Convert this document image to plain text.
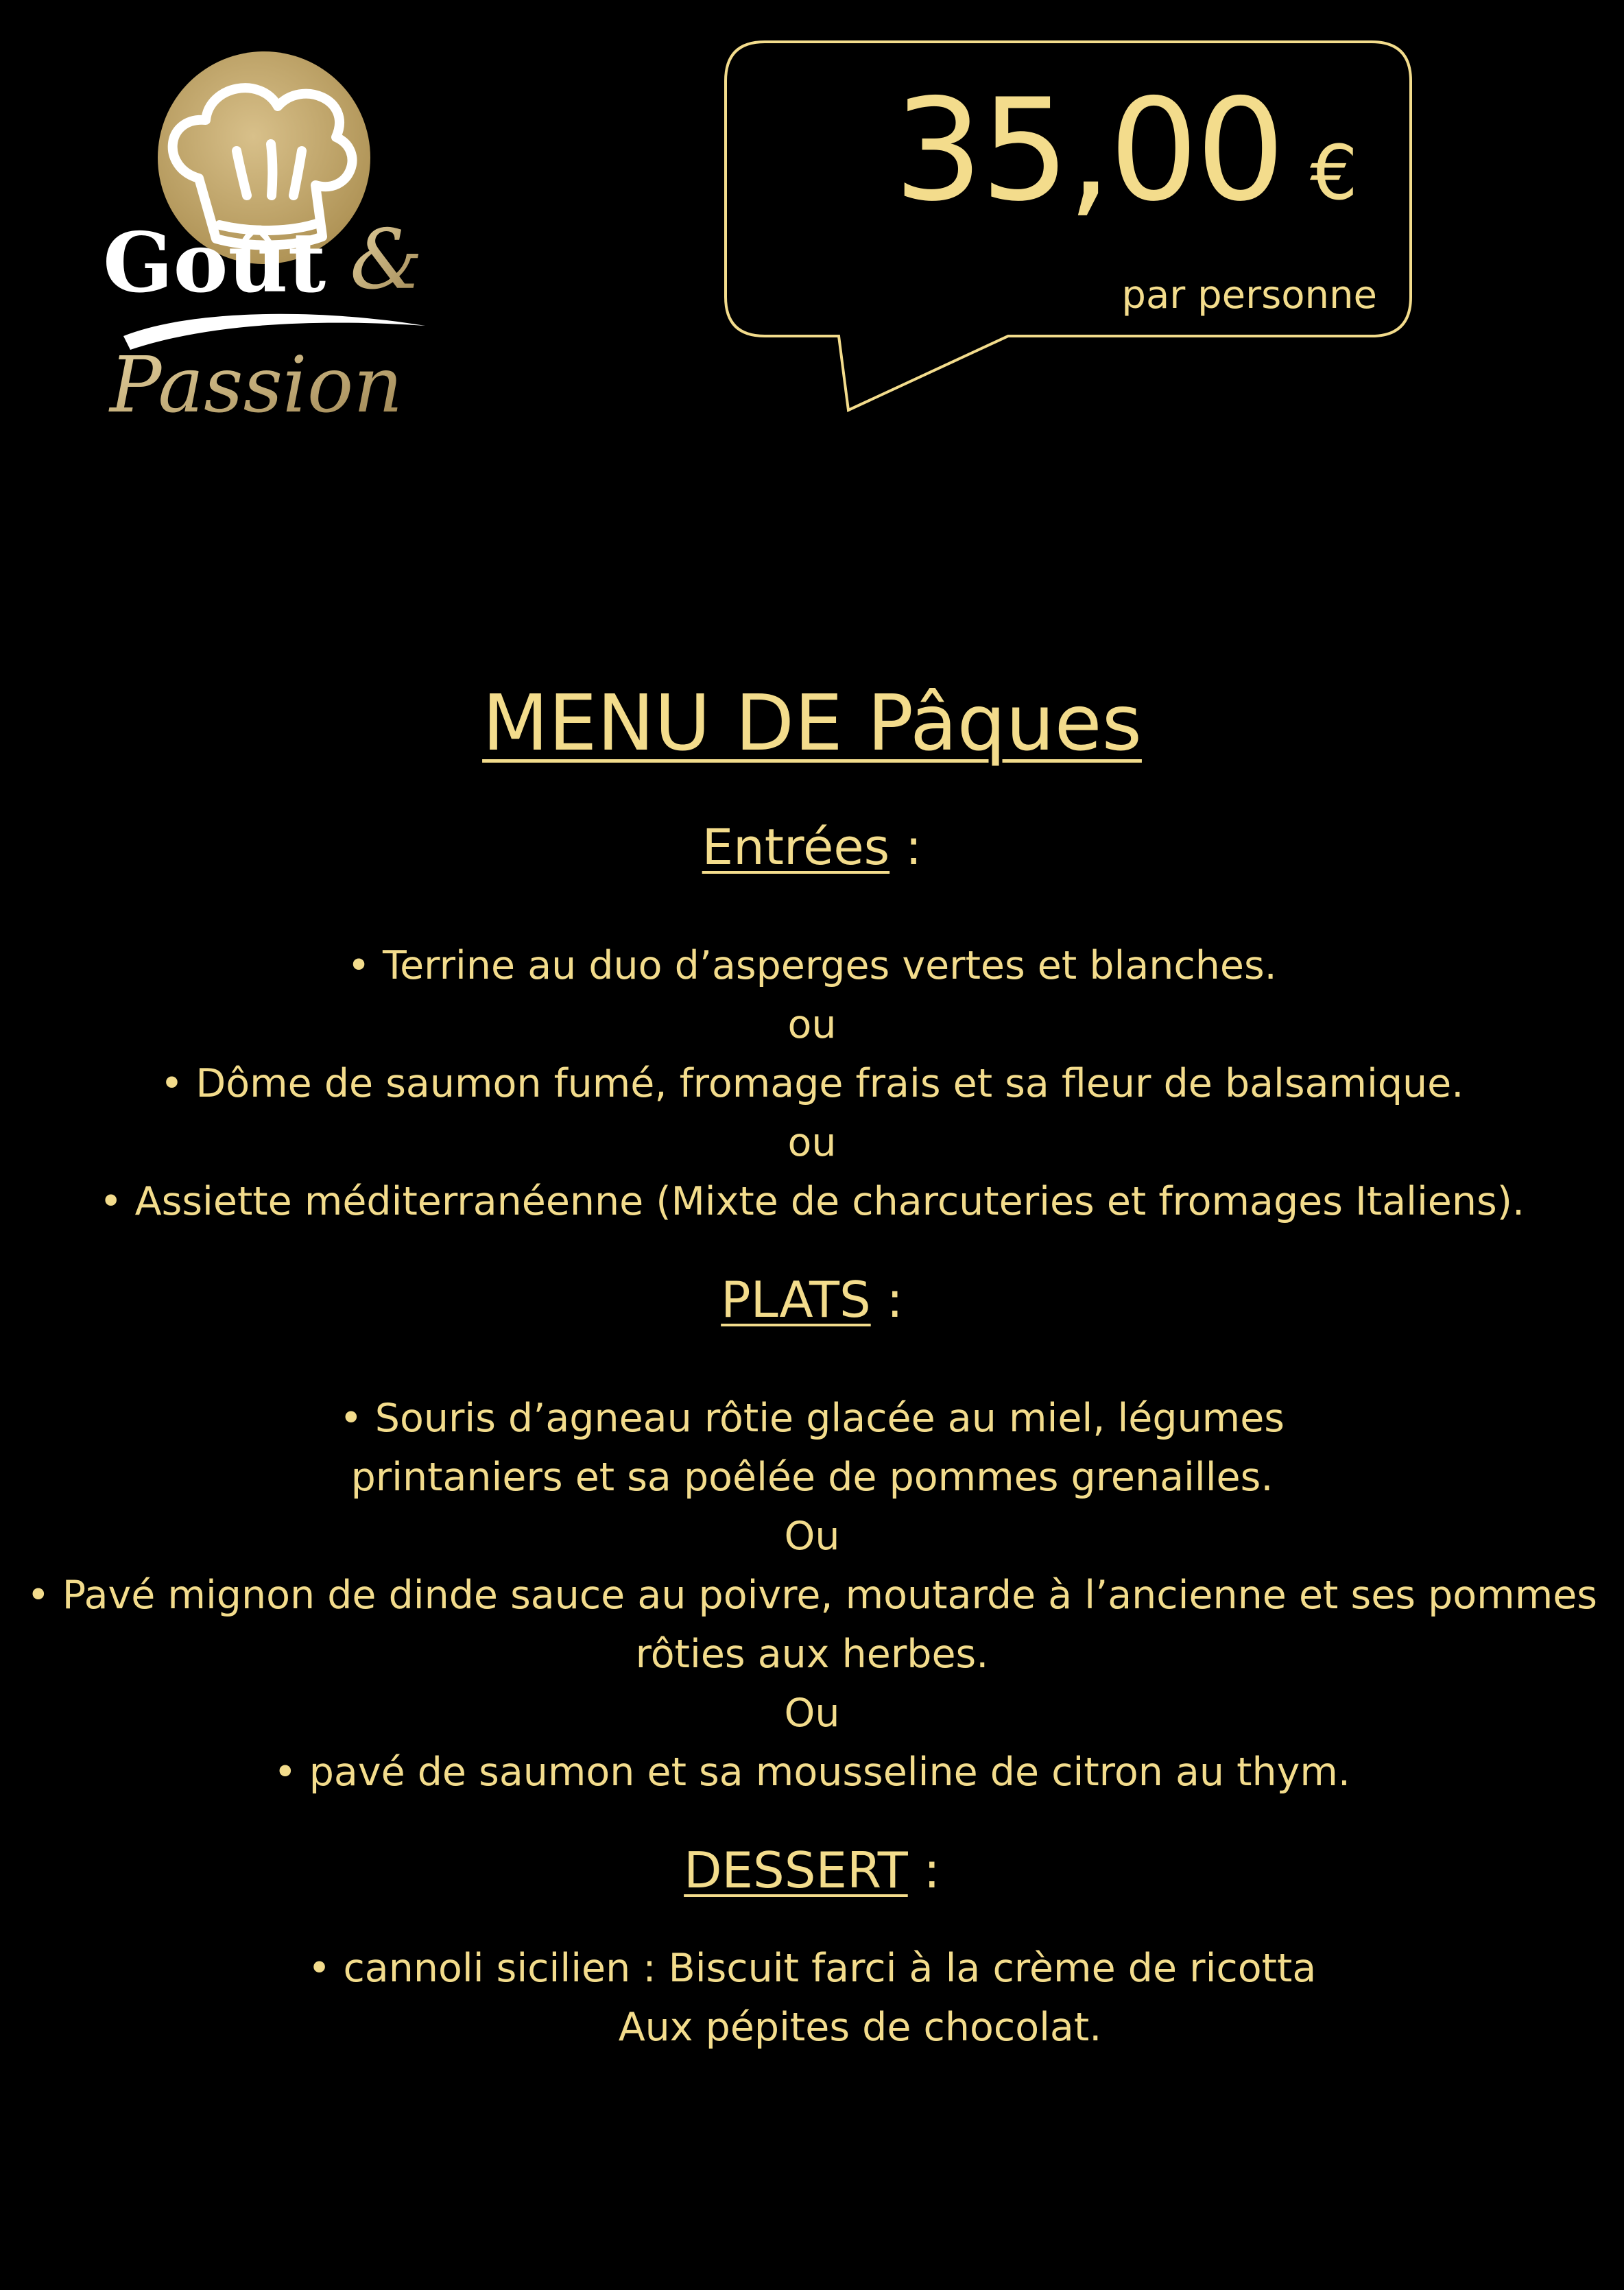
Goût &
Passion
35,00 €
par personne
MENU DE Pâques
Entrées :
• Terrine au duo d’asperges vertes et blanches.
ou
• Dôme de saumon fumé, fromage frais et sa fleur de balsamique.
ou
• Assiette méditerranéenne (Mixte de charcuteries et fromages Italiens).
PLATS :
• Souris d’agneau rôtie glacée au miel, légumes
printaniers et sa poêlée de pommes grenailles.
Ou
• Pavé mignon de dinde sauce au poivre, moutarde à l’ancienne et ses pommes
rôties aux herbes.
Ou
• pavé de saumon et sa mousseline de citron au thym.
DESSERT :
• cannoli sicilien : Biscuit farci à la crème de ricotta
Aux pépites de chocolat.
